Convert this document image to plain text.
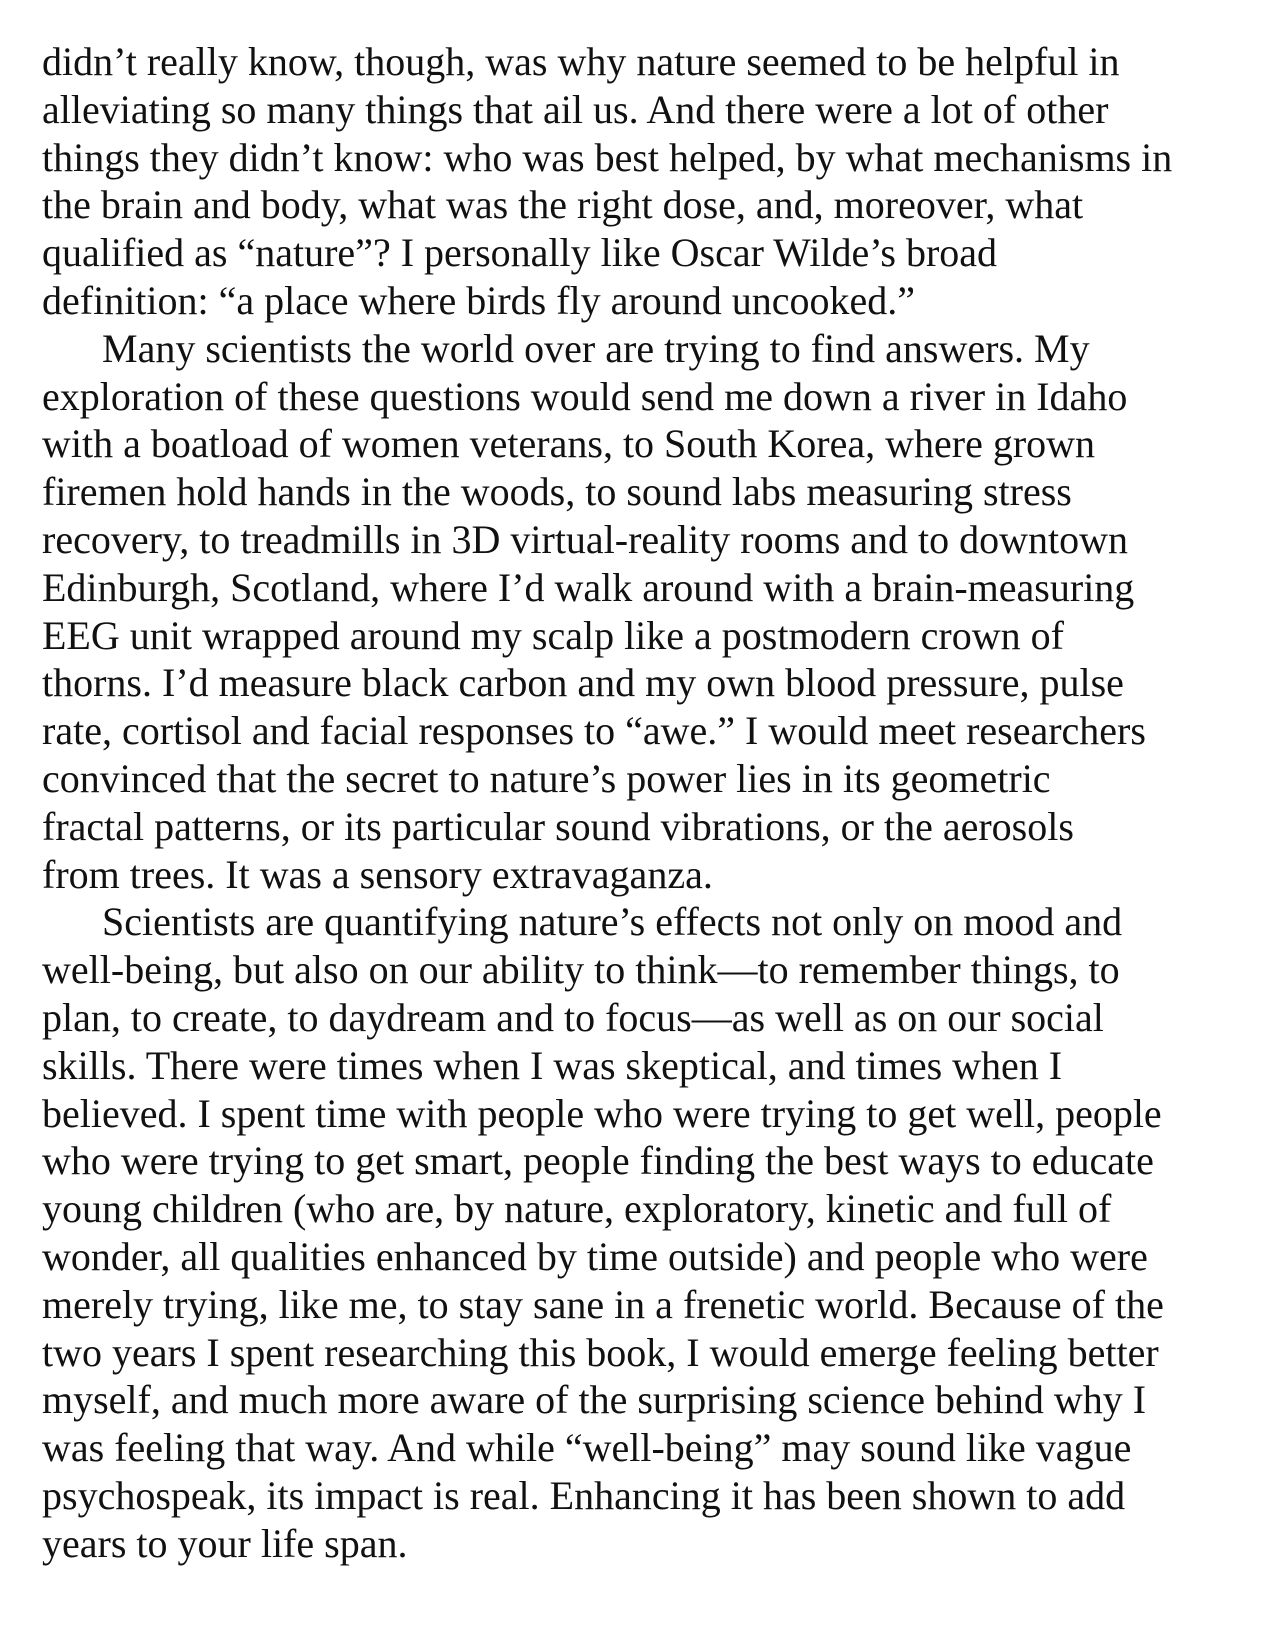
didn’t really know, though, was why nature seemed to be helpful in
alleviating so many things that ail us. And there were a lot of other
things they didn’t know: who was best helped, by what mechanisms in
the brain and body, what was the right dose, and, moreover, what
qualified as “nature”? I personally like Oscar Wilde’s broad
definition: “a place where birds fly around uncooked.”
Many scientists the world over are trying to find answers. My
exploration of these questions would send me down a river in Idaho
with a boatload of women veterans, to South Korea, where grown
firemen hold hands in the woods, to sound labs measuring stress
recovery, to treadmills in 3D virtual-reality rooms and to downtown
Edinburgh, Scotland, where I’d walk around with a brain-measuring
EEG unit wrapped around my scalp like a postmodern crown of
thorns. I’d measure black carbon and my own blood pressure, pulse
rate, cortisol and facial responses to “awe.” I would meet researchers
convinced that the secret to nature’s power lies in its geometric
fractal patterns, or its particular sound vibrations, or the aerosols
from trees. It was a sensory extravaganza.
Scientists are quantifying nature’s effects not only on mood and
well-being, but also on our ability to think—to remember things, to
plan, to create, to daydream and to focus—as well as on our social
skills. There were times when I was skeptical, and times when I
believed. I spent time with people who were trying to get well, people
who were trying to get smart, people finding the best ways to educate
young children (who are, by nature, exploratory, kinetic and full of
wonder, all qualities enhanced by time outside) and people who were
merely trying, like me, to stay sane in a frenetic world. Because of the
two years I spent researching this book, I would emerge feeling better
myself, and much more aware of the surprising science behind why I
was feeling that way. And while “well-being” may sound like vague
psychospeak, its impact is real. Enhancing it has been shown to add
years to your life span.
